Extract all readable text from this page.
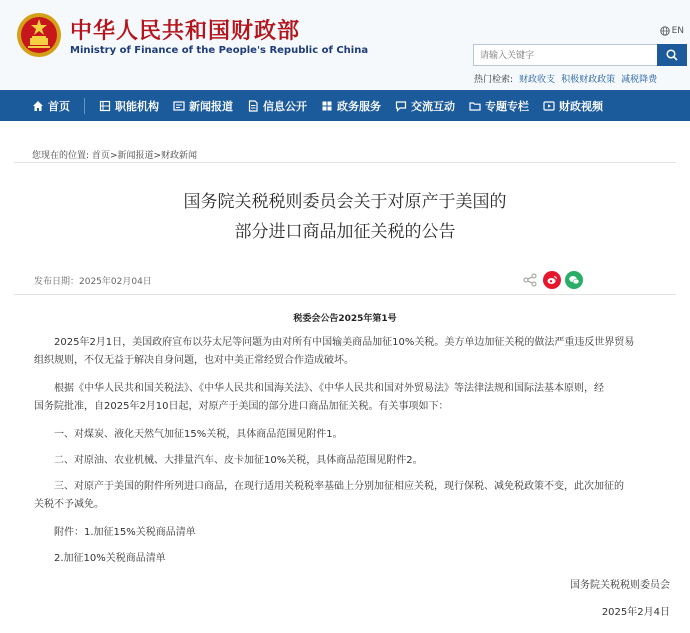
中华人民共和国财政部
Ministry of Finance of the People's Republic of China
EN
请输入关键字
热门检索: 财政收支 积极财政政策 减税降费
首页	职能机构	新闻报道	信息公开	政务服务	交流互动	专题专栏	财政视频
您现在的位置: 首页>新闻报道>财政新闻
国务院关税税则委员会关于对原产于美国的
部分进口商品加征关税的公告
发布日期：2025年02月04日
税委会公告2025年第1号
2025年2月1日，美国政府宣布以芬太尼等问题为由对所有中国输美商品加征10%关税。美方单边加征关税的做法严重违反世界贸易
组织规则，不仅无益于解决自身问题，也对中美正常经贸合作造成破坏。
根据《中华人民共和国关税法》、《中华人民共和国海关法》、《中华人民共和国对外贸易法》等法律法规和国际法基本原则，经
国务院批准，自2025年2月10日起，对原产于美国的部分进口商品加征关税。有关事项如下：
一、对煤炭、液化天然气加征15%关税，具体商品范围见附件1。
二、对原油、农业机械、大排量汽车、皮卡加征10%关税，具体商品范围见附件2。
三、对原产于美国的附件所列进口商品，在现行适用关税税率基础上分别加征相应关税，现行保税、减免税政策不变，此次加征的
关税不予减免。
附件：1.加征15%关税商品清单
2.加征10%关税商品清单
国务院关税税则委员会
2025年2月4日
